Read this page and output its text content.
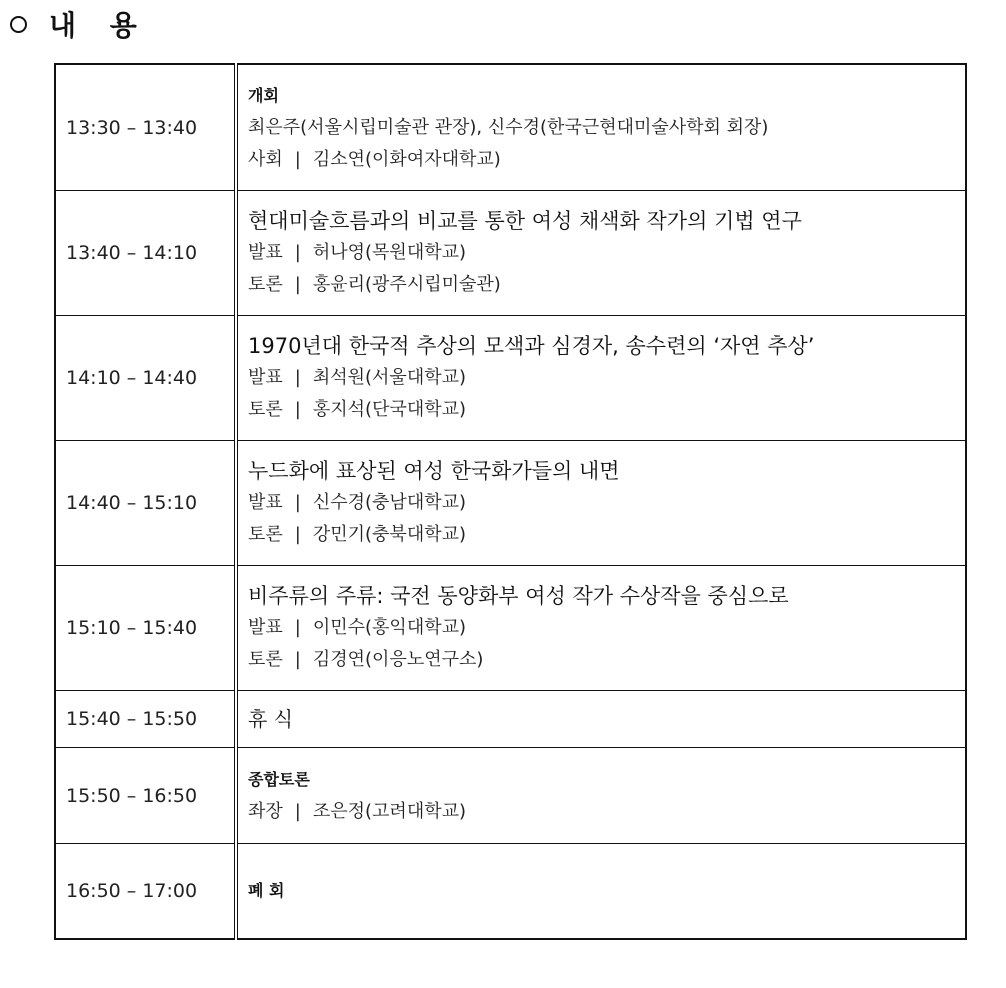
내 용
13:30 – 13:40	개회
최은주(서울시립미술관 관장), 신수경(한국근현대미술사학회 회장)
사회 | 김소연(이화여자대학교)

13:40 – 14:10	현대미술흐름과의 비교를 통한 여성 채색화 작가의 기법 연구
발표 | 허나영(목원대학교)
토론 | 홍윤리(광주시립미술관)

14:10 – 14:40	1970년대 한국적 추상의 모색과 심경자, 송수련의 ‘자연 추상’
발표 | 최석원(서울대학교)
토론 | 홍지석(단국대학교)

14:40 – 15:10	누드화에 표상된 여성 한국화가들의 내면
발표 | 신수경(충남대학교)
토론 | 강민기(충북대학교)

15:10 – 15:40	비주류의 주류: 국전 동양화부 여성 작가 수상작을 중심으로
발표 | 이민수(홍익대학교)
토론 | 김경연(이응노연구소)

15:40 – 15:50	휴 식

15:50 – 16:50	종합토론
좌장 | 조은정(고려대학교)

16:50 – 17:00	폐 회
